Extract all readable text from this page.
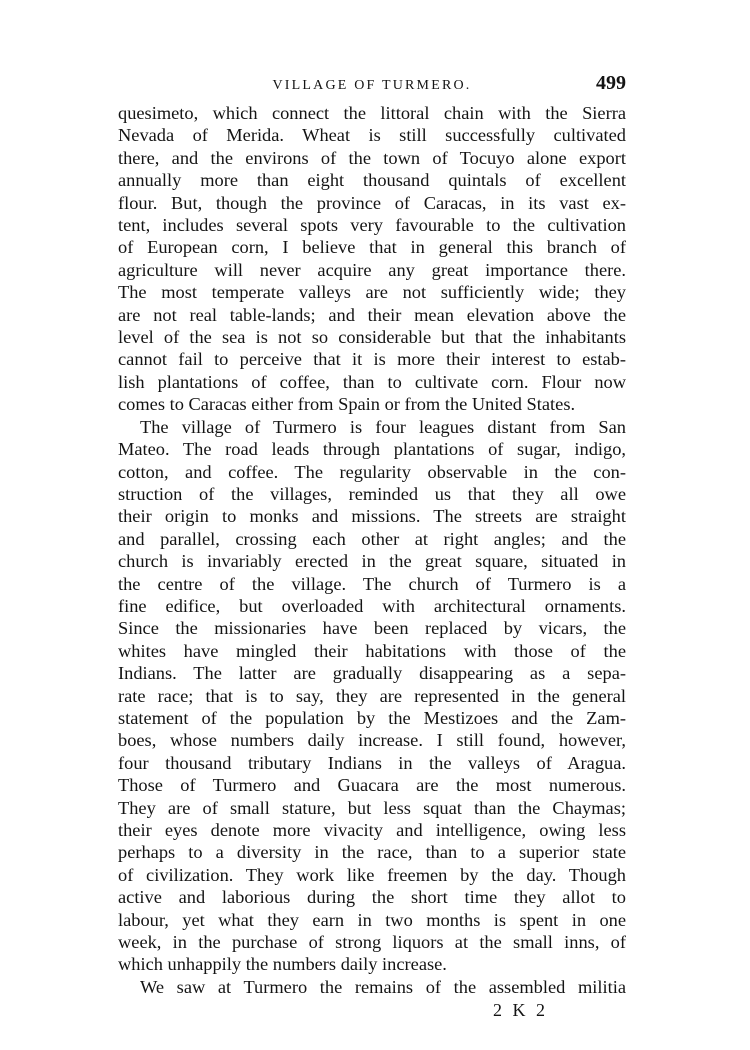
VILLAGE OF TURMERO.	499
quesimeto, which connect the littoral chain with the Sierra
Nevada of Merida. Wheat is still successfully cultivated
there, and the environs of the town of Tocuyo alone export
annually more than eight thousand quintals of excellent
flour. But, though the province of Caracas, in its vast ex-
tent, includes several spots very favourable to the cultivation
of European corn, I believe that in general this branch of
agriculture will never acquire any great importance there.
The most temperate valleys are not sufficiently wide; they
are not real table-lands; and their mean elevation above the
level of the sea is not so considerable but that the inhabitants
cannot fail to perceive that it is more their interest to estab-
lish plantations of coffee, than to cultivate corn. Flour now
comes to Caracas either from Spain or from the United States.
The village of Turmero is four leagues distant from San
Mateo. The road leads through plantations of sugar, indigo,
cotton, and coffee. The regularity observable in the con-
struction of the villages, reminded us that they all owe
their origin to monks and missions. The streets are straight
and parallel, crossing each other at right angles; and the
church is invariably erected in the great square, situated in
the centre of the village. The church of Turmero is a
fine edifice, but overloaded with architectural ornaments.
Since the missionaries have been replaced by vicars, the
whites have mingled their habitations with those of the
Indians. The latter are gradually disappearing as a sepa-
rate race; that is to say, they are represented in the general
statement of the population by the Mestizoes and the Zam-
boes, whose numbers daily increase. I still found, however,
four thousand tributary Indians in the valleys of Aragua.
Those of Turmero and Guacara are the most numerous.
They are of small stature, but less squat than the Chaymas;
their eyes denote more vivacity and intelligence, owing less
perhaps to a diversity in the race, than to a superior state
of civilization. They work like freemen by the day. Though
active and laborious during the short time they allot to
labour, yet what they earn in two months is spent in one
week, in the purchase of strong liquors at the small inns, of
which unhappily the numbers daily increase.
We saw at Turmero the remains of the assembled militia
2 K 2
